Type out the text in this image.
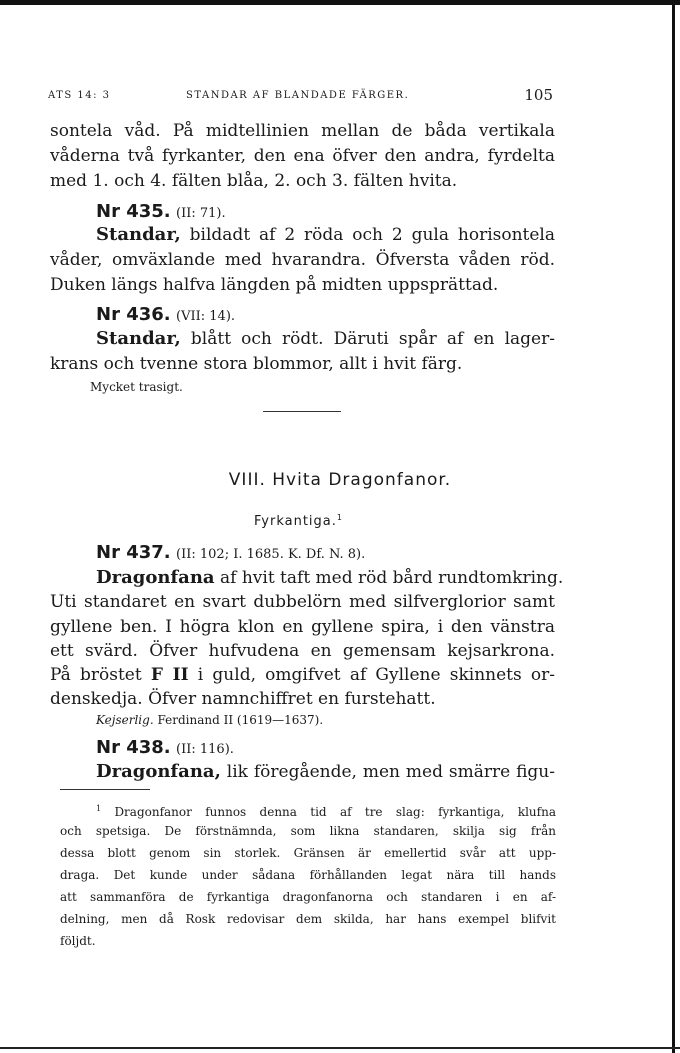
ATS 14: 3	STANDAR AF BLANDADE FÄRGER.	105
sontela våd. På midtellinien mellan de båda vertikala
våderna två fyrkanter, den ena öfver den andra, fyrdelta
med 1. och 4. fälten blåa, 2. och 3. fälten hvita.
Nr 435. (II: 71).
Standar, bildadt af 2 röda och 2 gula horisontela
våder, omväxlande med hvarandra. Öfversta våden röd.
Duken längs halfva längden på midten uppsprättad.
Nr 436. (VII: 14).
Standar, blått och rödt. Däruti spår af en lager-
krans och tvenne stora blommor, allt i hvit färg.
Mycket trasigt.
VIII. Hvita Dragonfanor.
Fyrkantiga.$^1$
Nr 437. (II: 102; I. 1685. K. Df. N. 8).
Dragonfana af hvit taft med röd bård rundtomkring.
Uti standaret en svart dubbelörn med silfverglorior samt
gyllene ben. I högra klon en gyllene spira, i den vänstra
ett svärd. Öfver hufvudena en gemensam kejsarkrona.
På bröstet F II i guld, omgifvet af Gyllene skinnets or-
denskedja. Öfver namnchiffret en furstehatt.
Kejserlig. Ferdinand II (1619—1637).
Nr 438. (II: 116).
Dragonfana, lik föregående, men med smärre figu-
$^1$ Dragonfanor funnos denna tid af tre slag: fyrkantiga, klufna
och spetsiga. De förstnämnda, som likna standaren, skilja sig från
dessa blott genom sin storlek. Gränsen är emellertid svår att upp-
draga. Det kunde under sådana förhållanden legat nära till hands
att sammanföra de fyrkantiga dragonfanorna och standaren i en af-
delning, men då Rosk redovisar dem skilda, har hans exempel blifvit
följdt.
